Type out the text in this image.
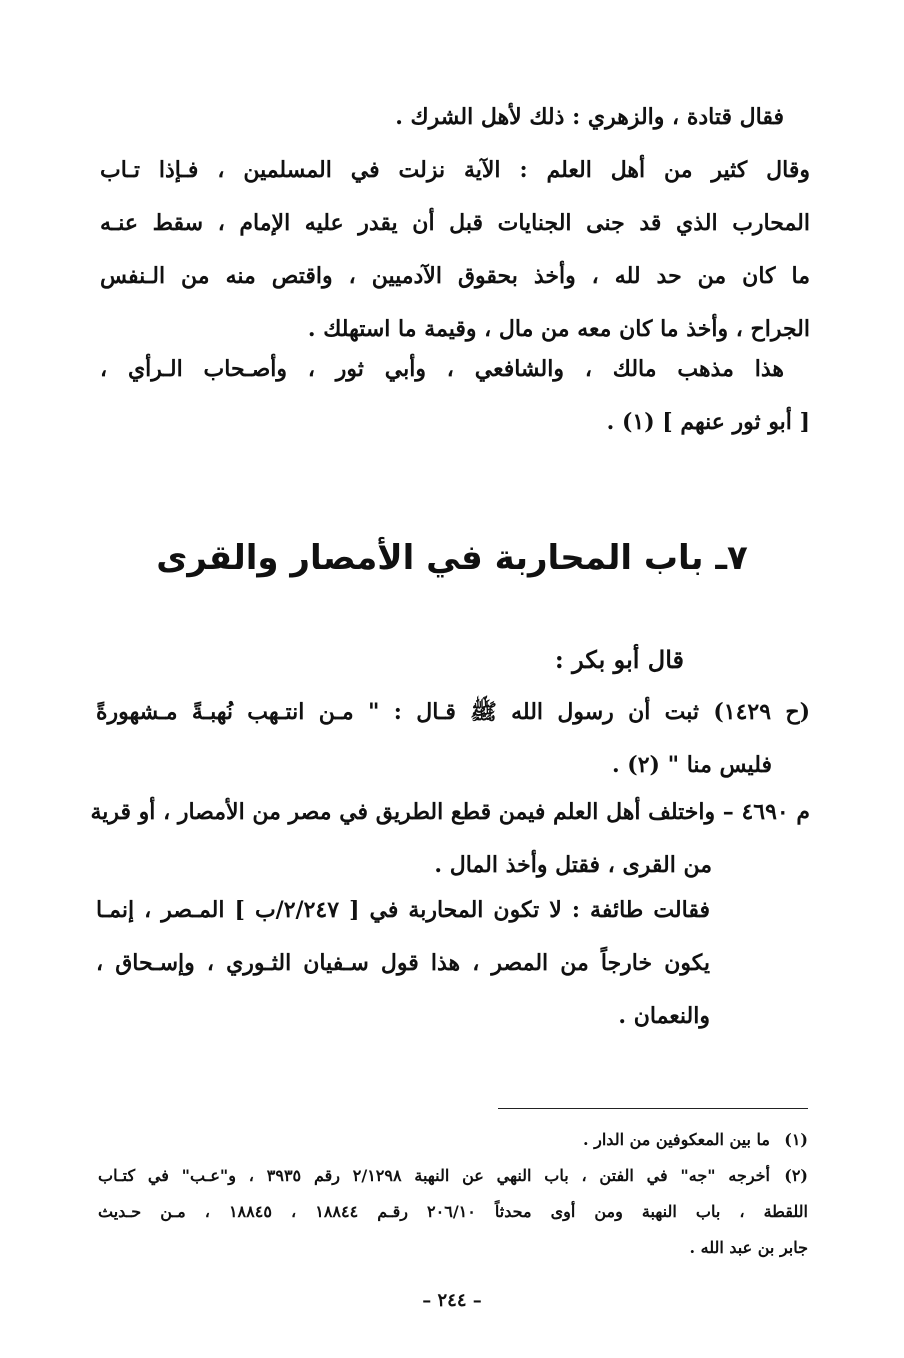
فقال قتادة ، والزهري : ذلك لأهل الشرك .
وقال كثير من أهل العلم : الآية نزلت في المسلمين ، فـإذا تـاب
المحارب الذي قد جنى الجنايات قبل أن يقدر عليه الإمام ، سقط عنـه
ما كان من حد لله ، وأخذ بحقوق الآدميين ، واقتص منه من الـنفس
الجراح ، وأخذ ما كان معه من مال ، وقيمة ما استهلك .
هذا مذهب مالك ، والشافعي ، وأبي ثور ، وأصـحاب الـرأي ،
[ أبو ثور عنهم ] (١) .
٧ـ باب المحاربة في الأمصار والقرى
قال أبو بكر :
(ح ١٤٢٩) ثبت أن رسول الله ﷺ قـال : " مـن انتـهب نُهبـةً مـشهورةً
فليس منا " (٢) .
م ٤٦٩٠ – واختلف أهل العلم فيمن قطع الطريق في مصر من الأمصار ، أو قرية
من القرى ، فقتل وأخذ المال .
فقالت طائفة : لا تكون المحاربة في [ ٢/٢٤٧/ب ] المـصر ، إنمـا
يكون خارجاً من المصر ، هذا قول سـفيان الثـوري ، وإسـحاق ،
والنعمان .
(١)
ما بين المعكوفين من الدار .
(٢)
أخرجه "جه" في الفتن ، باب النهي عن النهبة ٢/١٢٩٨ رقم ٣٩٣٥ ، و"عـب" في كتـاب
اللقطة ، باب النهبة ومن أوى محدثاً ٢٠٦/١٠ رقـم ١٨٨٤٤ ، ١٨٨٤٥ ، مـن حـديث
جابر بن عبد الله .
– ٢٤٤ –
